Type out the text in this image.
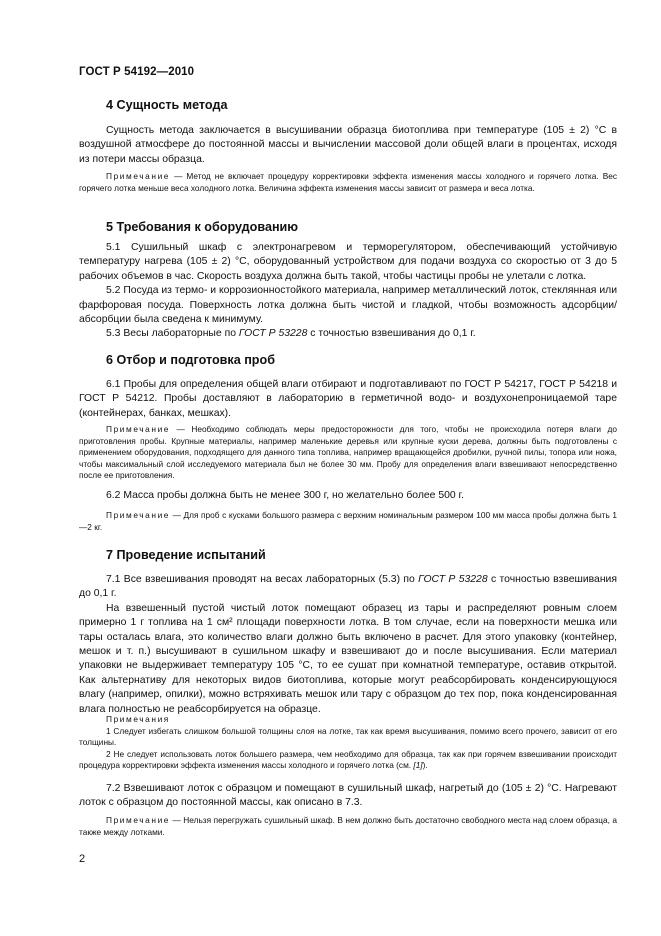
ГОСТ Р 54192—2010
4 Сущность метода

Сущность метода заключается в высушивании образца биотоплива при температуре (105 ± 2) °С в воздушной атмосфере до постоянной массы и вычислении массовой доли общей влаги в процентах, исходя из потери массы образца.

Примечание — Метод не включает процедуру корректировки эффекта изменения массы холодного и горячего лотка. Вес горячего лотка меньше веса холодного лотка. Величина эффекта изменения массы зависит от размера и веса лотка.

5 Требования к оборудованию

5.1 Сушильный шкаф с электронагревом и терморегулятором, обеспечивающий устойчивую температуру нагрева (105 ± 2) °С, оборудованный устройством для подачи воздуха со скоростью от 3 до 5 рабочих объемов в час. Скорость воздуха должна быть такой, чтобы частицы пробы не улетали с лотка.

5.2 Посуда из термо- и коррозионностойкого материала, например металлический лоток, стеклянная или фарфоровая посуда. Поверхность лотка должна быть чистой и гладкой, чтобы возможность адсорбции/абсорбции была сведена к минимуму.

5.3 Весы лабораторные по ГОСТ Р 53228 с точностью взвешивания до 0,1 г.

6 Отбор и подготовка проб

6.1 Пробы для определения общей влаги отбирают и подготавливают по ГОСТ Р 54217, ГОСТ Р 54218 и ГОСТ Р 54212. Пробы доставляют в лабораторию в герметичной водо- и воздухонепроницаемой таре (контейнерах, банках, мешках).

Примечание — Необходимо соблюдать меры предосторожности для того, чтобы не происходила потеря влаги до приготовления пробы. Крупные материалы, например маленькие деревья или крупные куски дерева, должны быть подготовлены с применением оборудования, подходящего для данного типа топлива, например вращающейся дробилки, ручной пилы, топора или ножа, чтобы максимальный слой исследуемого материала был не более 30 мм. Пробу для определения влаги взвешивают непосредственно после ее приготовления.

6.2 Масса пробы должна быть не менее 300 г, но желательно более 500 г.

Примечание — Для проб с кусками большого размера с верхним номинальным размером 100 мм масса пробы должна быть 1—2 кг.

7 Проведение испытаний

7.1 Все взвешивания проводят на весах лабораторных (5.3) по ГОСТ Р 53228 с точностью взвешивания до 0,1 г.

На взвешенный пустой чистый лоток помещают образец из тары и распределяют ровным слоем примерно 1 г топлива на 1 см² площади поверхности лотка. В том случае, если на поверхности мешка или тары осталась влага, это количество влаги должно быть включено в расчет. Для этого упаковку (контейнер, мешок и т. п.) высушивают в сушильном шкафу и взвешивают до и после высушивания. Если материал упаковки не выдерживает температуру 105 °С, то ее сушат при комнатной температуре, оставив открытой. Как альтернативу для некоторых видов биотоплива, которые могут реабсорбировать конденсирующуюся влагу (например, опилки), можно встряхивать мешок или тару с образцом до тех пор, пока конденсированная влага полностью не реабсорбируется на образце.

Примечания

1 Следует избегать слишком большой толщины слоя на лотке, так как время высушивания, помимо всего прочего, зависит от его толщины.

2 Не следует использовать лоток большего размера, чем необходимо для образца, так как при горячем взвешивании происходит процедура корректировки эффекта изменения массы холодного и горячего лотка (см. [1]).

7.2 Взвешивают лоток с образцом и помещают в сушильный шкаф, нагретый до (105 ± 2) °С. Нагревают лоток с образцом до постоянной массы, как описано в 7.3.

Примечание — Нельзя перегружать сушильный шкаф. В нем должно быть достаточно свободного места над слоем образца, а также между лотками.

2
